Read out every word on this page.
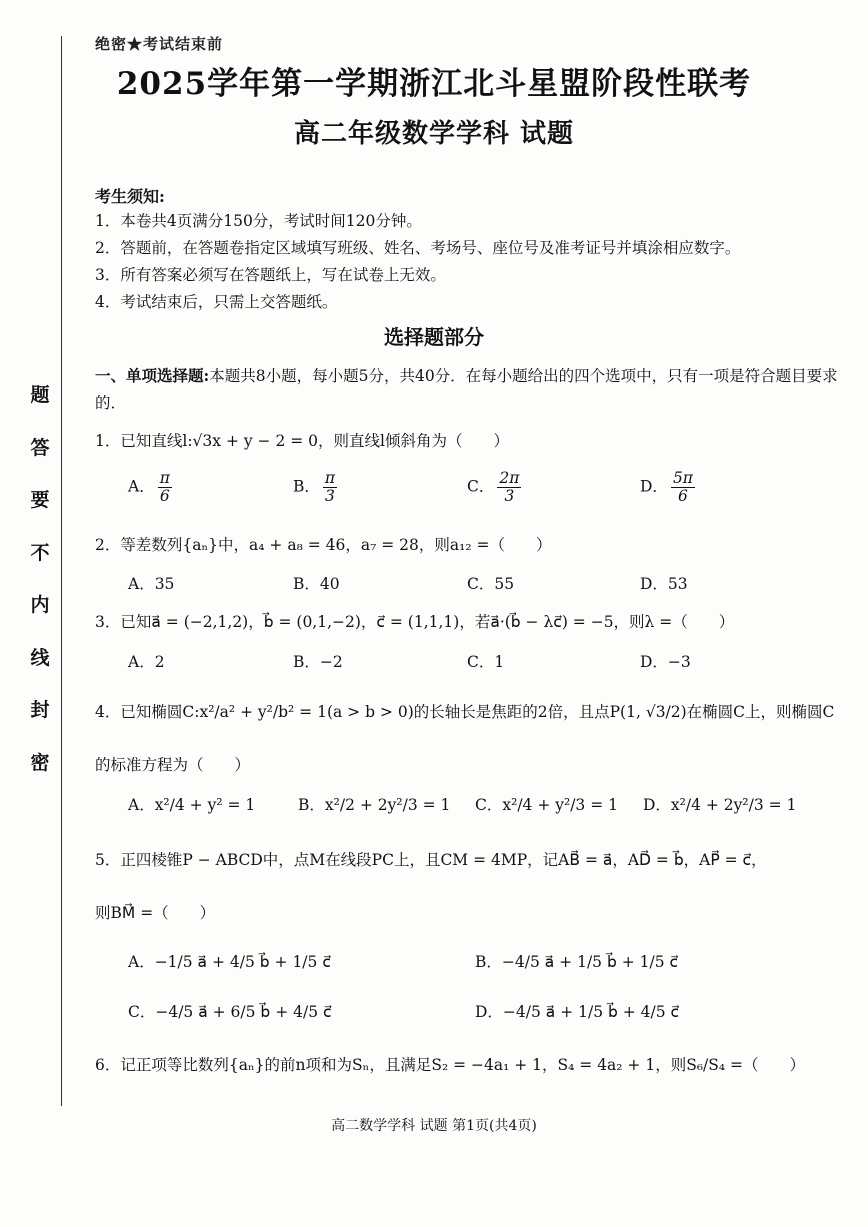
题
答
要
不
内
线
封
密
绝密★考试结束前
2025学年第一学期浙江北斗星盟阶段性联考
高二年级数学学科 试题
考生须知:
1．本卷共4页满分150分，考试时间120分钟。
2．答题前，在答题卷指定区域填写班级、姓名、考场号、座位号及准考证号并填涂相应数字。
3．所有答案必须写在答题纸上，写在试卷上无效。
4．考试结束后，只需上交答题纸。
选择题部分
一、单项选择题:本题共8小题，每小题5分，共40分．在每小题给出的四个选项中，只有一项是符合题目要求的．
1．已知直线l:√3x + y − 2 = 0，则直线l倾斜角为（　　）
A． $\frac{\pi}{6}$	B． $\frac{\pi}{3}$	C． $\frac{2\pi}{3}$	D． $\frac{5\pi}{6}$
2．等差数列{aₙ}中，a₄ + a₈ = 46，a₇ = 28，则a₁₂ =（　　）
A．35	B．40	C．55	D．53
3．已知a⃗ = (−2,1,2)，b⃗ = (0,1,−2)，c⃗ = (1,1,1)，若a⃗·(b⃗ − λc⃗) = −5，则λ =（　　）
A．2	B．−2	C．1	D．−3
4．已知椭圆C:x²/a² + y²/b² = 1(a > b > 0)的长轴长是焦距的2倍，且点P(1, √3/2)在椭圆C上，则椭圆C
的标准方程为（　　）
A．x²/4 + y² = 1	B．x²/2 + 2y²/3 = 1 C．x²/4 + y²/3 = 1 D．x²/4 + 2y²/3 = 1
5．正四棱锥P − ABCD中，点M在线段PC上，且CM = 4MP，记AB⃗ = a⃗，AD⃗ = b⃗，AP⃗ = c⃗，
则BM⃗ =（　　）
A．−1/5 a⃗ + 4/5 b⃗ + 1/5 c⃗	B．−4/5 a⃗ + 1/5 b⃗ + 1/5 c⃗
C．−4/5 a⃗ + 6/5 b⃗ + 4/5 c⃗	D．−4/5 a⃗ + 1/5 b⃗ + 4/5 c⃗
6．记正项等比数列{aₙ}的前n项和为Sₙ，且满足S₂ = −4a₁ + 1，S₄ = 4a₂ + 1，则S₆/S₄ =（　　）
高二数学学科 试题 第1页(共4页)
